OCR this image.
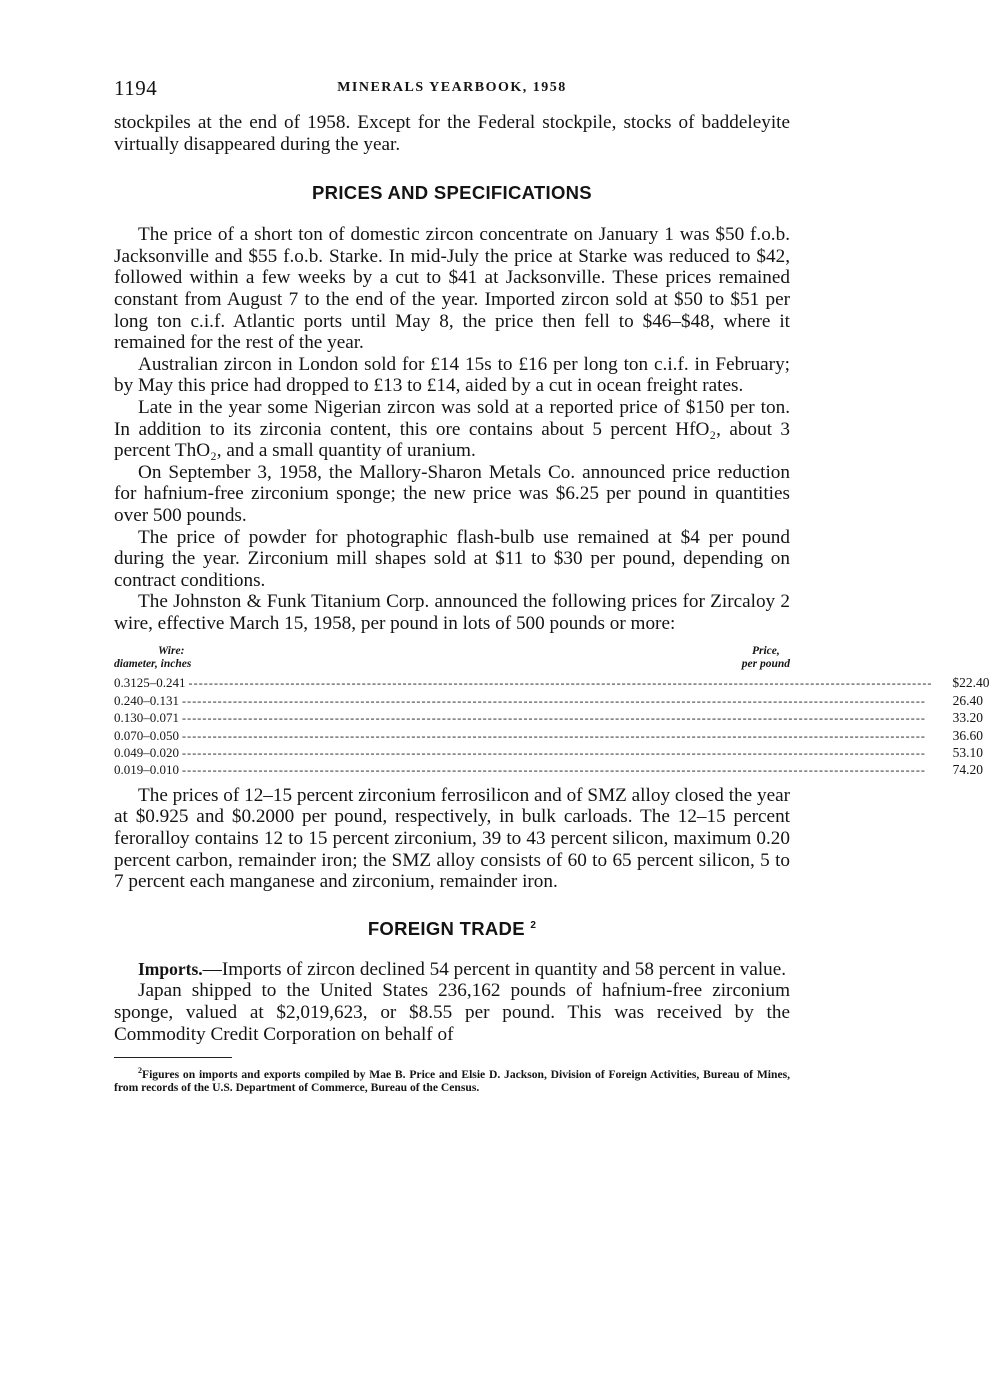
1194	MINERALS YEARBOOK, 1958

stockpiles at the end of 1958. Except for the Federal stockpile, stocks of baddeleyite virtually disappeared during the year.

PRICES AND SPECIFICATIONS

The price of a short ton of domestic zircon concentrate on January 1 was $50 f.o.b. Jacksonville and $55 f.o.b. Starke. In mid-July the price at Starke was reduced to $42, followed within a few weeks by a cut to $41 at Jacksonville. These prices remained constant from August 7 to the end of the year. Imported zircon sold at $50 to $51 per long ton c.i.f. Atlantic ports until May 8, the price then fell to $46–$48, where it remained for the rest of the year.

Australian zircon in London sold for £14 15s to £16 per long ton c.i.f. in February; by May this price had dropped to £13 to £14, aided by a cut in ocean freight rates.

Late in the year some Nigerian zircon was sold at a reported price of $150 per ton. In addition to its zirconia content, this ore contains about 5 percent HfO₂, about 3 percent ThO₂, and a small quantity of uranium.

On September 3, 1958, the Mallory-Sharon Metals Co. announced price reduction for hafnium-free zirconium sponge; the new price was $6.25 per pound in quantities over 500 pounds.

The price of powder for photographic flash-bulb use remained at $4 per pound during the year. Zirconium mill shapes sold at $11 to $30 per pound, depending on contract conditions.

The Johnston & Funk Titanium Corp. announced the following prices for Zircaloy 2 wire, effective March 15, 1958, per pound in lots of 500 pounds or more:

Wire:
diameter, inches
Price,
per pound
0.3125–0.241 --------------------------------------------------------------------------------------------------------------------------------------------------	$22.40
0.240–0.131 --------------------------------------------------------------------------------------------------------------------------------------------------	26.40
0.130–0.071 --------------------------------------------------------------------------------------------------------------------------------------------------	33.20
0.070–0.050 --------------------------------------------------------------------------------------------------------------------------------------------------	36.60
0.049–0.020 --------------------------------------------------------------------------------------------------------------------------------------------------	53.10
0.019–0.010 --------------------------------------------------------------------------------------------------------------------------------------------------	74.20

The prices of 12–15 percent zirconium ferrosilicon and of SMZ alloy closed the year at $0.925 and $0.2000 per pound, respectively, in bulk carloads. The 12–15 percent feroralloy contains 12 to 15 percent zirconium, 39 to 43 percent silicon, maximum 0.20 percent carbon, remainder iron; the SMZ alloy consists of 60 to 65 percent silicon, 5 to 7 percent each manganese and zirconium, remainder iron.

FOREIGN TRADE $^2$

Imports.—Imports of zircon declined 54 percent in quantity and 58 percent in value.

Japan shipped to the United States 236,162 pounds of hafnium-free zirconium sponge, valued at $2,019,623, or $8.55 per pound. This was received by the Commodity Credit Corporation on behalf of

$^2$Figures on imports and exports compiled by Mae B. Price and Elsie D. Jackson, Division of Foreign Activities, Bureau of Mines, from records of the U.S. Department of Commerce, Bureau of the Census.
